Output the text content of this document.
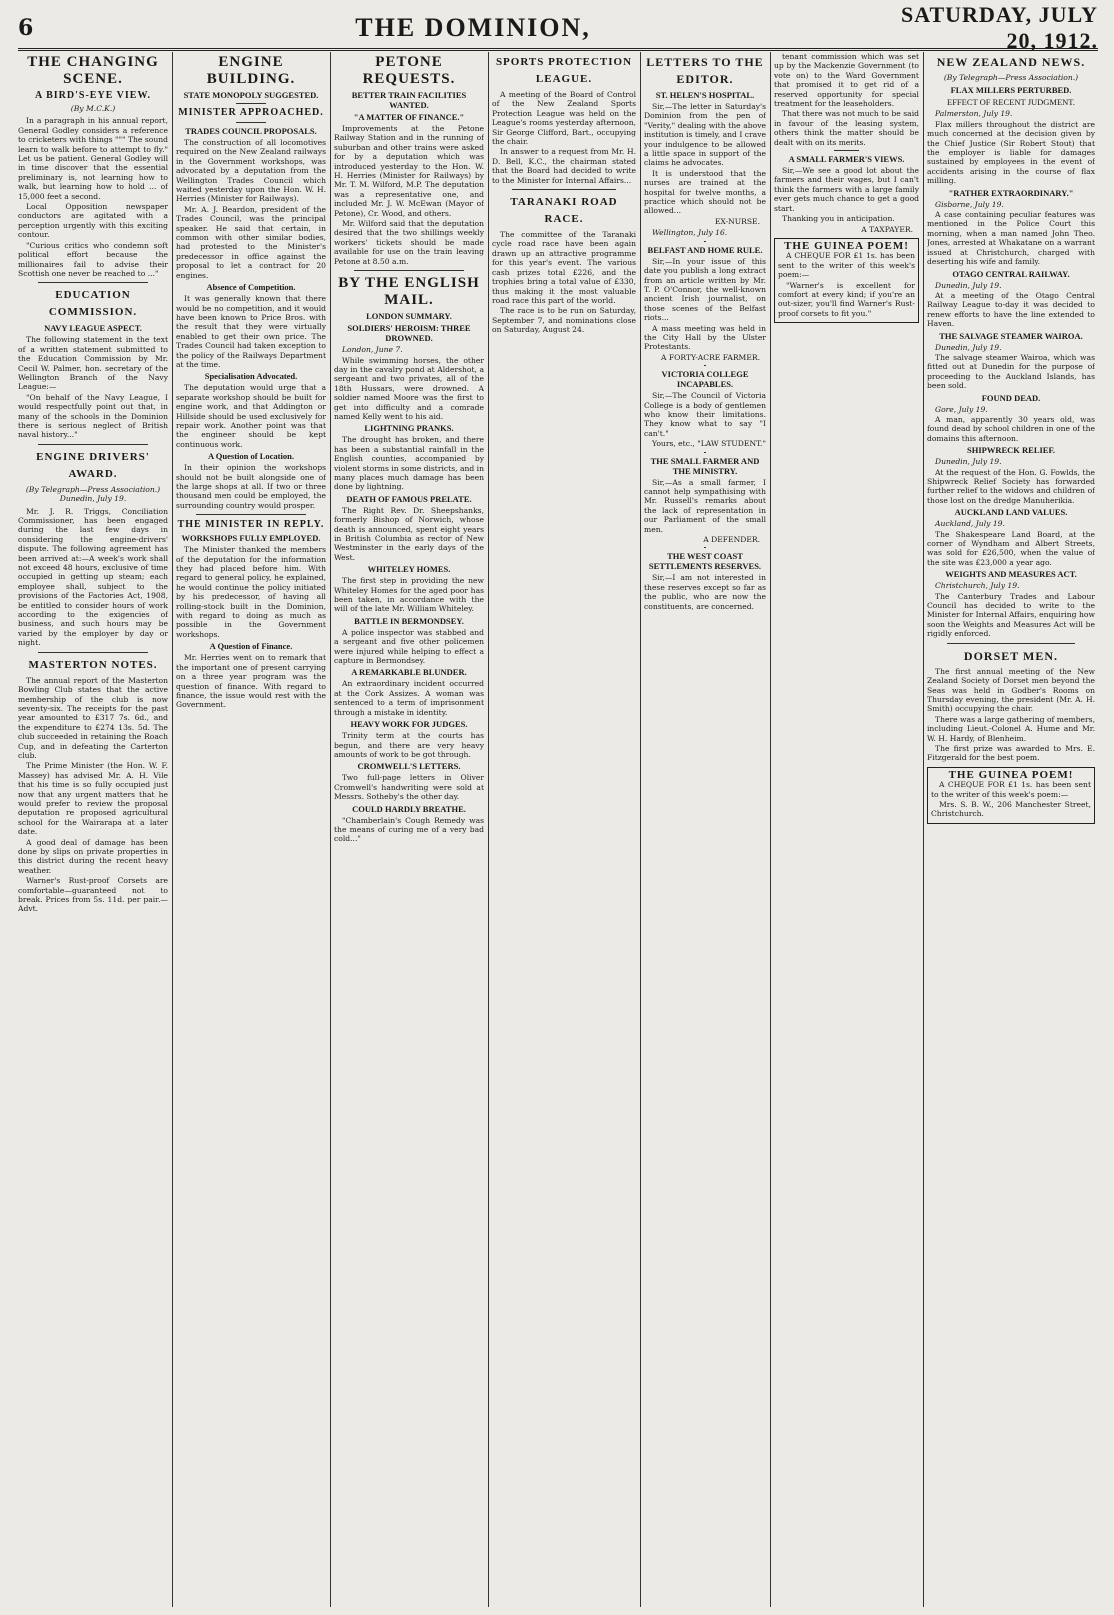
6	THE DOMINION,	SATURDAY, JULY 20, 1912.
THE CHANGING SCENE.
A BIRD'S-EYE VIEW.
(By M.C.K.)

In a paragraph in his annual report, General Godley considers a reference to cricketers with things """ The sound learn to walk before to attempt to fly." Let us be patient. General Godley will in time discover that the essential preliminary is, not learning how to walk, but learning how to hold ... of 15,000 feet a second.

Local Opposition newspaper conductors are agitated with a perception urgently with this exciting contour.

"Curious critics who condemn soft political effort because the millionaires fail to advise their Scottish one never be reached to ..."

EDUCATION COMMISSION.
NAVY LEAGUE ASPECT.

The following statement in the text of a written statement submitted to the Education Commission by Mr. Cecil W. Palmer, hon. secretary of the Wellington Branch of the Navy League:—

"On behalf of the Navy League, I would respectfully point out that, in many of the schools in the Dominion there is serious neglect of British naval history..."

ENGINE DRIVERS' AWARD.
(By Telegraph—Press Association.) Dunedin, July 19.

Mr. J. R. Triggs, Conciliation Commissioner, has been engaged during the last few days in considering the engine-drivers' dispute. The following agreement has been arrived at:—A week's work shall not exceed 48 hours, exclusive of time occupied in getting up steam; each employee shall, subject to the provisions of the Factories Act, 1908, be entitled to consider hours of work according to the exigencies of business, and such hours may be varied by the employer by day or night.

MASTERTON NOTES.

The annual report of the Masterton Bowling Club states that the active membership of the club is now seventy-six. The receipts for the past year amounted to £317 7s. 6d., and the expenditure to £274 13s. 5d. The club succeeded in retaining the Roach Cup, and in defeating the Carterton club.

The Prime Minister (the Hon. W. F. Massey) has advised Mr. A. H. Vile that his time is so fully occupied just now that any urgent matters that he would prefer to review the proposal deputation re proposed agricultural school for the Wairarapa at a later date.

A good deal of damage has been done by slips on private properties in this district during the recent heavy weather.

Warner's Rust-proof Corsets are comfortable—guaranteed not to break. Prices from 5s. 11d. per pair.—Advt.

ENGINE BUILDING.
STATE MONOPOLY SUGGESTED.
MINISTER APPROACHED.
TRADES COUNCIL PROPOSALS.

The construction of all locomotives required on the New Zealand railways in the Government workshops, was advocated by a deputation from the Wellington Trades Council which waited yesterday upon the Hon. W. H. Herries (Minister for Railways).

Mr. A. J. Beardon, president of the Trades Council, was the principal speaker. He said that certain, in common with other similar bodies, had protested to the Minister's predecessor in office against the proposal to let a contract for 20 engines.

Absence of Competition.

It was generally known that there would be no competition, and it would have been known to Price Bros. with the result that they were virtually enabled to get their own price. The Trades Council had taken exception to the policy of the Railways Department at the time.

Specialisation Advocated.

The deputation would urge that a separate workshop should be built for engine work, and that Addington or Hillside should be used exclusively for repair work. Another point was that the engineer should be kept continuous work.

A Question of Location.

In their opinion the workshops should not be built alongside one of the large shops at all. If two or three thousand men could be employed, the surrounding country would prosper.

THE MINISTER IN REPLY.
WORKSHOPS FULLY EMPLOYED.

The Minister thanked the members of the deputation for the information they had placed before him. With regard to general policy, he explained, he would continue the policy initiated by his predecessor, of having all rolling-stock built in the Dominion, with regard to doing as much as possible in the Government workshops.

A Question of Finance.

Mr. Herries went on to remark that the important one of present carrying on a three year program was the question of finance. With regard to finance, the issue would rest with the Government.

PETONE REQUESTS.
BETTER TRAIN FACILITIES WANTED.
"A MATTER OF FINANCE."

Improvements at the Petone Railway Station and in the running of suburban and other trains were asked for by a deputation which was introduced yesterday to the Hon. W. H. Herries (Minister for Railways) by Mr. T. M. Wilford, M.P. The deputation was a representative one, and included Mr. J. W. McEwan (Mayor of Petone), Cr. Wood, and others.

Mr. Wilford said that the deputation desired that the two shillings weekly workers' tickets should be made available for use on the train leaving Petone at 8.50 a.m.

BY THE ENGLISH MAIL.
LONDON SUMMARY.
SOLDIERS' HEROISM: THREE DROWNED.

London, June 7.

While swimming horses, the other day in the cavalry pond at Aldershot, a sergeant and two privates, all of the 18th Hussars, were drowned. A soldier named Moore was the first to get into difficulty and a comrade named Kelly went to his aid.

LIGHTNING PRANKS.

The drought has broken, and there has been a substantial rainfall in the English counties, accompanied by violent storms in some districts, and in many places much damage has been done by lightning.

DEATH OF FAMOUS PRELATE.

The Right Rev. Dr. Sheepshanks, formerly Bishop of Norwich, whose death is announced, spent eight years in British Columbia as rector of New Westminster in the early days of the West.

WHITELEY HOMES.

The first step in providing the new Whiteley Homes for the aged poor has been taken, in accordance with the will of the late Mr. William Whiteley.

BATTLE IN BERMONDSEY.

A police inspector was stabbed and a sergeant and five other policemen were injured while helping to effect a capture in Bermondsey.

A REMARKABLE BLUNDER.

An extraordinary incident occurred at the Cork Assizes. A woman was sentenced to a term of imprisonment through a mistake in identity.

HEAVY WORK FOR JUDGES.

Trinity term at the courts has begun, and there are very heavy amounts of work to be got through.

CROMWELL'S LETTERS.

Two full-page letters in Oliver Cromwell's handwriting were sold at Messrs. Sotheby's the other day.

COULD HARDLY BREATHE.

"Chamberlain's Cough Remedy was the means of curing me of a very bad cold..."

SPORTS PROTECTION LEAGUE.

A meeting of the Board of Control of the New Zealand Sports Protection League was held on the League's rooms yesterday afternoon, Sir George Clifford, Bart., occupying the chair.

In answer to a request from Mr. H. D. Bell, K.C., the chairman stated that the Board had decided to write to the Minister for Internal Affairs...

TARANAKI ROAD RACE.

The committee of the Taranaki cycle road race have been again drawn up an attractive programme for this year's event. The various cash prizes total £226, and the trophies bring a total value of £330, thus making it the most valuable road race this part of the world.

The race is to be run on Saturday, September 7, and nominations close on Saturday, August 24.

LETTERS TO THE EDITOR.
ST. HELEN'S HOSPITAL.

Sir,—The letter in Saturday's Dominion from the pen of "Verity," dealing with the above institution is timely, and I crave your indulgence to be allowed a little space in support of the claims he advocates.

It is understood that the nurses are trained at the hospital for twelve months, a practice which should not be allowed...

EX-NURSE.

Wellington, July 16.

BELFAST AND HOME RULE.

Sir,—In your issue of this date you publish a long extract from an article written by Mr. T. P. O'Connor, the well-known ancient Irish journalist, on those scenes of the Belfast riots...

A mass meeting was held in the City Hall by the Ulster Protestants.

A FORTY-ACRE FARMER.
VICTORIA COLLEGE INCAPABLES.

Sir,—The Council of Victoria College is a body of gentlemen who know their limitations. They know what to say "I can't."

Yours, etc., "LAW STUDENT."

THE SMALL FARMER AND THE MINISTRY.

Sir,—As a small farmer, I cannot help sympathising with Mr. Russell's remarks about the lack of representation in our Parliament of the small men.

A DEFENDER.
THE WEST COAST SETTLEMENTS RESERVES.

Sir,—I am not interested in these reserves except so far as the public, who are now the constituents, are concerned.

tenant commission which was set up by the Mackenzie Government (to vote on) to the Ward Government that promised it to get rid of a reserved opportunity for special treatment for the leaseholders.

That there was not much to be said in favour of the leasing system, others think the matter should be dealt with on its merits.

A SMALL FARMER'S VIEWS.

Sir,—We see a good lot about the farmers and their wages, but I can't think the farmers with a large family ever gets much chance to get a good start.

Thanking you in anticipation.

A TAXPAYER.
THE GUINEA POEM!

A CHEQUE FOR £1 1s. has been sent to the writer of this week's poem:—

"Warner's is excellent for comfort at every kind; if you're an out-sizer, you'll find Warner's Rust-proof corsets to fit you."

NEW ZEALAND NEWS.
(By Telegraph—Press Association.)
FLAX MILLERS PERTURBED.
EFFECT OF RECENT JUDGMENT.

Palmerston, July 19.

Flax millers throughout the district are much concerned at the decision given by the Chief Justice (Sir Robert Stout) that the employer is liable for damages sustained by employees in the event of accidents arising in the course of flax milling.

"RATHER EXTRAORDINARY."

Gisborne, July 19.

A case containing peculiar features was mentioned in the Police Court this morning, when a man named John Theo. Jones, arrested at Whakatane on a warrant issued at Christchurch, charged with deserting his wife and family.

OTAGO CENTRAL RAILWAY.

Dunedin, July 19.

At a meeting of the Otago Central Railway League to-day it was decided to renew efforts to have the line extended to Haven.

THE SALVAGE STEAMER WAIROA.

Dunedin, July 19.

The salvage steamer Wairoa, which was fitted out at Dunedin for the purpose of proceeding to the Auckland Islands, has been sold.

FOUND DEAD.

Gore, July 19.

A man, apparently 30 years old, was found dead by school children in one of the domains this afternoon.

SHIPWRECK RELIEF.

Dunedin, July 19.

At the request of the Hon. G. Fowlds, the Shipwreck Relief Society has forwarded further relief to the widows and children of those lost on the dredge Manuherikia.

AUCKLAND LAND VALUES.

Auckland, July 19.

The Shakespeare Land Board, at the corner of Wyndham and Albert Streets, was sold for £26,500, when the value of the site was £23,000 a year ago.

WEIGHTS AND MEASURES ACT.

Christchurch, July 19.

The Canterbury Trades and Labour Council has decided to write to the Minister for Internal Affairs, enquiring how soon the Weights and Measures Act will be rigidly enforced.

DORSET MEN.

The first annual meeting of the New Zealand Society of Dorset men beyond the Seas was held in Godber's Rooms on Thursday evening, the president (Mr. A. H. Smith) occupying the chair.

There was a large gathering of members, including Lieut.-Colonel A. Hume and Mr. W. H. Hardy, of Blenheim.

The first prize was awarded to Mrs. E. Fitzgerald for the best poem.

THE GUINEA POEM!

A CHEQUE FOR £1 1s. has been sent to the writer of this week's poem:—

Mrs. S. B. W., 206 Manchester Street, Christchurch.
